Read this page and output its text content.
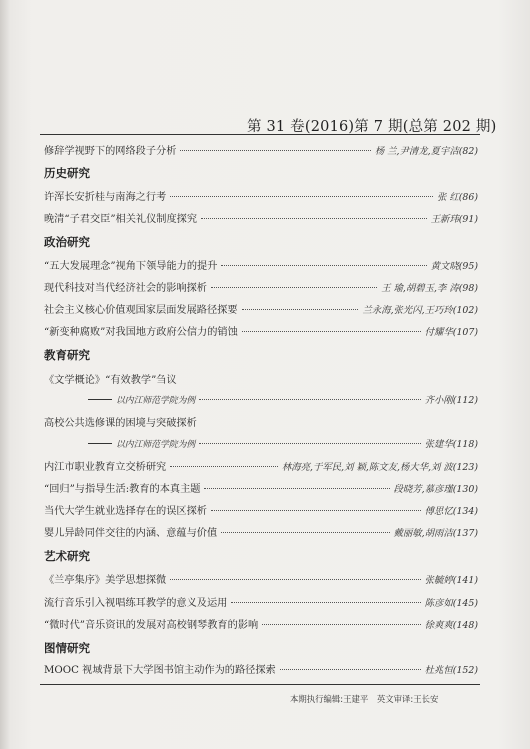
第 31 卷(2016)第 7 期(总第 202 期)
修辞学视野下的网络段子分析	杨 兰,尹清龙,夏宇洁(82)
历史研究
许浑长安折桂与南海之行考	张 红(86)
晚清“子君交臣”相关礼仪制度探究	王新玮(91)
政治研究
“五大发展理念”视角下领导能力的提升	黄文晓(95)
现代科技对当代经济社会的影响探析	王 瑜,胡碧玉,李 涛(98)
社会主义核心价值观国家层面发展路径探要	兰永海,张光闪,王巧玲(102)
“新变种腐败”对我国地方政府公信力的销蚀	付耀华(107)
教育研究
《文学概论》“有效教学”刍议
以内江师范学院为例	齐小刚(112)
高校公共选修课的困境与突破探析
以内江师范学院为例	张建华(118)
内江市职业教育立交桥研究	林海亮,于军民,刘 颖,陈文友,杨大华,刘 波(123)
“回归”与指导生活:教育的本真主题	段晓芳,慕彦瑾(130)
当代大学生就业选择存在的误区探析	傅思忆(134)
婴儿异龄同伴交往的内涵、意蕴与价值	戴丽敏,胡雨洁(137)
艺术研究
《兰亭集序》美学思想探微	张毓婷(141)
流行音乐引入视唱练耳教学的意义及运用	陈彦如(145)
“微时代”音乐资讯的发展对高校钢琴教育的影响	徐爽爽(148)
图情研究
MOOC 视域背景下大学图书馆主动作为的路径探索	杜兆恒(152)
本期执行编辑:王建平 英文审译:王长安
